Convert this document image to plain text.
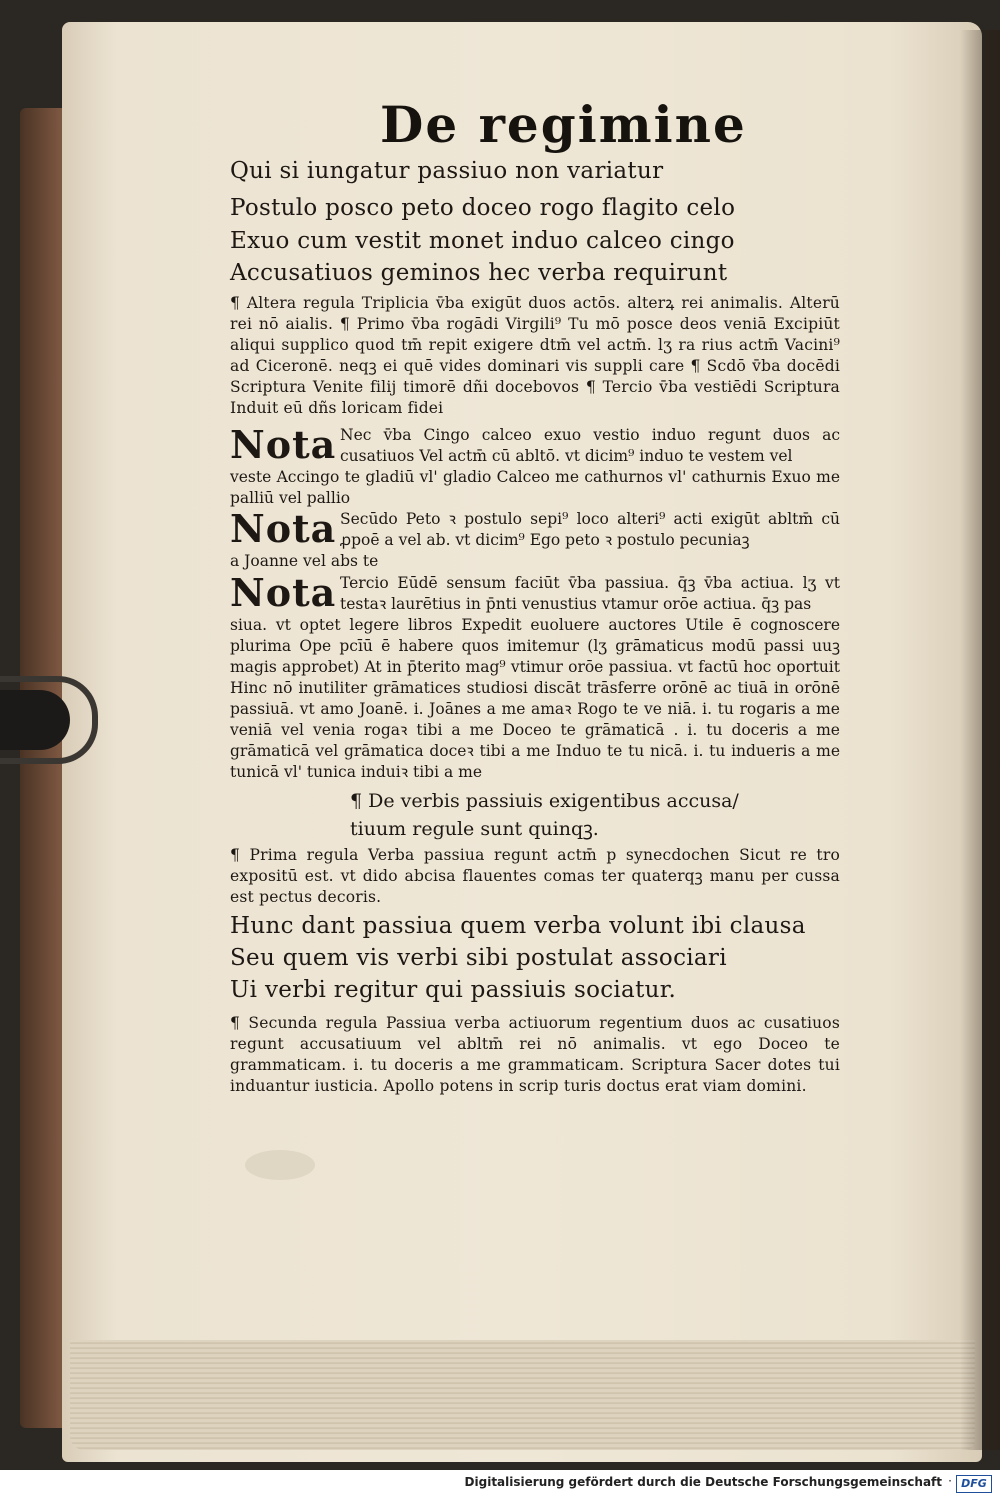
De regimine
Qui si iungatur passiuo non variatur
Postulo posco peto doceo rogo flagito celo
Exuo cum vestit monet induo calceo cingo
Accusatiuos geminos hec verba requirunt
¶ Altera regula Triplicia v̄ba exigūt duos actōs. alterꝝ rei animalis. Alterū rei nō aialis. ¶ Primo v̄ba rogādi Virgili⁹ Tu mō posce deos veniā Excipiūt aliqui supplico quod tm̄ repit exigere dtm̄ vel actm̄. lʒ ra rius actm̄ Vacini⁹ ad Ciceronē. neqꝫ ei quē vides dominari vis suppli care ¶ Scdō v̄ba docēdi Scriptura Venite filij timorē dñi docebovos ¶ Tercio v̄ba vestiēdi Scriptura Induit eū dñs loricam fidei
Nota Nec v̄ba Cingo calceo exuo vestio induo regunt duos ac cusatiuos Vel actm̄ cū abltō. vt dicim⁹ induo te vestem vel
veste Accingo te gladiū vl' gladio Calceo me cathurnos vl' cathurnis Exuo me palliū vel pallio
Nota Secūdo Peto ꝛ postulo sepi⁹ loco alteri⁹ acti exigūt abltm̄ cū ꝓpoē a vel ab. vt dicim⁹ Ego peto ꝛ postulo pecuniaꝫ
a Joanne vel abs te
Nota Tercio Eūdē sensum faciūt v̄ba passiua. q̄ꝫ v̄ba actiua. lʒ vt testaꝛ laurētius in p̄nti venustius vtamur orōe actiua. q̄ꝫ pas
siua. vt optet legere libros Expedit euoluere auctores Utile ē cognoscere plurima Ope pcīū ē habere quos imitemur (lʒ grāmaticus modū passi uuꝫ magis approbet) At in p̄terito mag⁹ vtimur orōe passiua. vt factū hoc oportuit Hinc nō inutiliter grāmatices studiosi discāt trāsferre orōnē ac tiuā in orōnē passiuā. vt amo Joanē. i. Joānes a me amaꝛ Rogo te ve niā. i. tu rogaris a me veniā vel venia rogaꝛ tibi a me Doceo te grāmaticā . i. tu doceris a me grāmaticā vel grāmatica doceꝛ tibi a me Induo te tu nicā. i. tu indueris a me tunicā vl' tunica induiꝛ tibi a me
¶ De verbis passiuis exigentibus accusa/
tiuum regule sunt quinqꝫ.
¶ Prima regula Verba passiua regunt actm̄ p synecdochen Sicut re tro expositū est. vt dido abcisa flauentes comas ter quaterqꝫ manu per cussa est pectus decoris.
Hunc dant passiua quem verba volunt ibi clausa
Seu quem vis verbi sibi postulat associari
Ui verbi regitur qui passiuis sociatur.
¶ Secunda regula Passiua verba actiuorum regentium duos ac cusatiuos regunt accusatiuum vel abltm̄ rei nō animalis. vt ego Doceo te grammaticam. i. tu doceris a me grammaticam. Scriptura Sacer dotes tui induantur iusticia. Apollo potens in scrip turis doctus erat viam domini.
Digitalisierung gefördert durch die Deutsche Forschungsgemeinschaft · DFG
